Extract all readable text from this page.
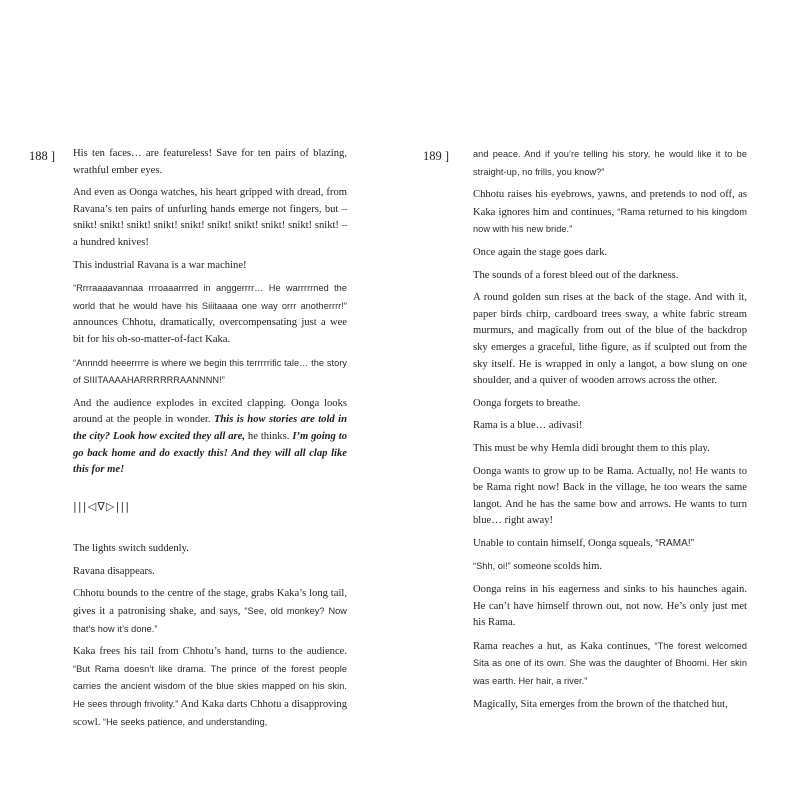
188 ] His ten faces… are featureless! Save for ten pairs of blazing, wrathful ember eyes.

And even as Oonga watches, his heart gripped with dread, from Ravana’s ten pairs of unfurling hands emerge not fingers, but – snikt! snikt! snikt! snikt! snikt! snikt! snikt! snikt! snikt! snikt! – a hundred knives!

This industrial Ravana is a war machine!

“Rrrraaaavannaa rrroaaarrred in anggerrrr… He warrrrrned the world that he would have his Siiitaaaa one way orrr anotherrrr!” announces Chhotu, dramatically, overcompensating just a wee bit for his oh-so-matter-of-fact Kaka.

“Annndd heeerrrre is where we begin this terrrrrific tale… the story of SIIITAAAAHARRRRRRAANNNN!”

And the audience explodes in excited clapping. Oonga looks around at the people in wonder. This is how stories are told in the city? Look how excited they all are, he thinks. I’m going to go back home and do exactly this! And they will all clap like this for me!

|||◁∇▷|||

The lights switch suddenly.

Ravana disappears.

Chhotu bounds to the centre of the stage, grabs Kaka’s long tail, gives it a patronising shake, and says, “See, old monkey? Now that’s how it’s done.”

Kaka frees his tail from Chhotu’s hand, turns to the audience. “But Rama doesn’t like drama. The prince of the forest people carries the ancient wisdom of the blue skies mapped on his skin. He sees through frivolity.” And Kaka darts Chhotu a disapproving scowl. “He seeks patience, and understanding,

189 ]	and peace. And if you’re telling his story, he would like it to be straight-up, no frills, you know?”

Chhotu raises his eyebrows, yawns, and pretends to nod off, as Kaka ignores him and continues, “Rama returned to his kingdom now with his new bride.”

Once again the stage goes dark.

The sounds of a forest bleed out of the darkness.

A round golden sun rises at the back of the stage. And with it, paper birds chirp, cardboard trees sway, a white fabric stream murmurs, and magically from out of the blue of the backdrop sky emerges a graceful, lithe figure, as if sculpted out from the sky itself. He is wrapped in only a langot, a bow slung on one shoulder, and a quiver of wooden arrows across the other.

Oonga forgets to breathe.

Rama is a blue… adivasi!

This must be why Hemla didi brought them to this play.

Oonga wants to grow up to be Rama. Actually, no! He wants to be Rama right now! Back in the village, he too wears the same langot. And he has the same bow and arrows. He wants to turn blue… right away!

Unable to contain himself, Oonga squeals, “RAMA!”

“Shh, oi!” someone scolds him.

Oonga reins in his eagerness and sinks to his haunches again. He can’t have himself thrown out, not now. He’s only just met his Rama.

Rama reaches a hut, as Kaka continues, “The forest welcomed Sita as one of its own. She was the daughter of Bhoomi. Her skin was earth. Her hair, a river.”

Magically, Sita emerges from the brown of the thatched hut,
